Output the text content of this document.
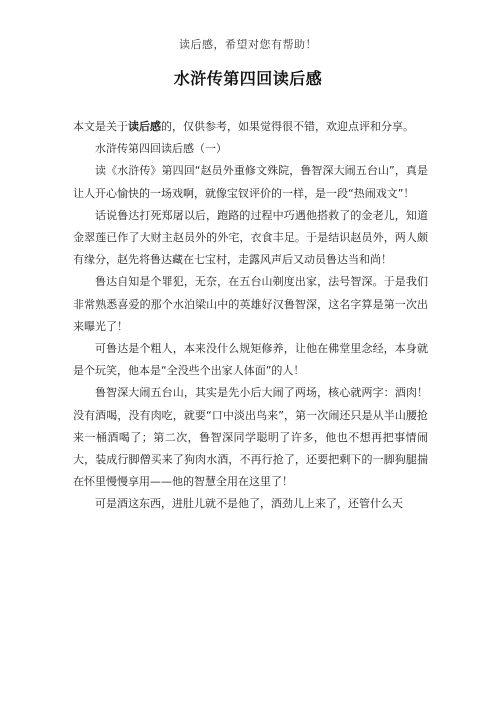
读后感，希望对您有帮助！
水浒传第四回读后感

本文是关于读后感的，仅供参考，如果觉得很不错，欢迎点评和分享。

水浒传第四回读后感（一）

读《水浒传》第四回“赵员外重修文殊院，鲁智深大闹五台山”，真是让人开心愉快的一场戏啊，就像宝钗评价的一样，是一段“热闹戏文”！

话说鲁达打死郑屠以后，跑路的过程中巧遇他搭救了的金老儿，知道金翠莲已作了大财主赵员外的外宅，衣食丰足。于是结识赵员外，两人颇有缘分，赵先将鲁达藏在七宝村，走露风声后又动员鲁达当和尚！

鲁达自知是个罪犯，无奈，在五台山剃度出家，法号智深。于是我们非常熟悉喜爱的那个水泊梁山中的英雄好汉鲁智深，这名字算是第一次出来曝光了！

可鲁达是个粗人，本来没什么规矩修养，让他在佛堂里念经，本身就是个玩笑，他本是“全没些个出家人体面”的人！

鲁智深大闹五台山，其实是先小后大闹了两场，核心就两字：酒肉！没有酒喝，没有肉吃，就要“口中淡出鸟来”，第一次闹还只是从半山腰抢来一桶酒喝了；第二次，鲁智深同学聪明了许多，他也不想再把事情闹大，装成行脚僧买来了狗肉水酒，不再行抢了，还要把剩下的一脚狗腿揣在怀里慢慢享用——他的智慧全用在这里了！

可是酒这东西，进肚儿就不是他了，酒劲儿上来了，还管什么天
